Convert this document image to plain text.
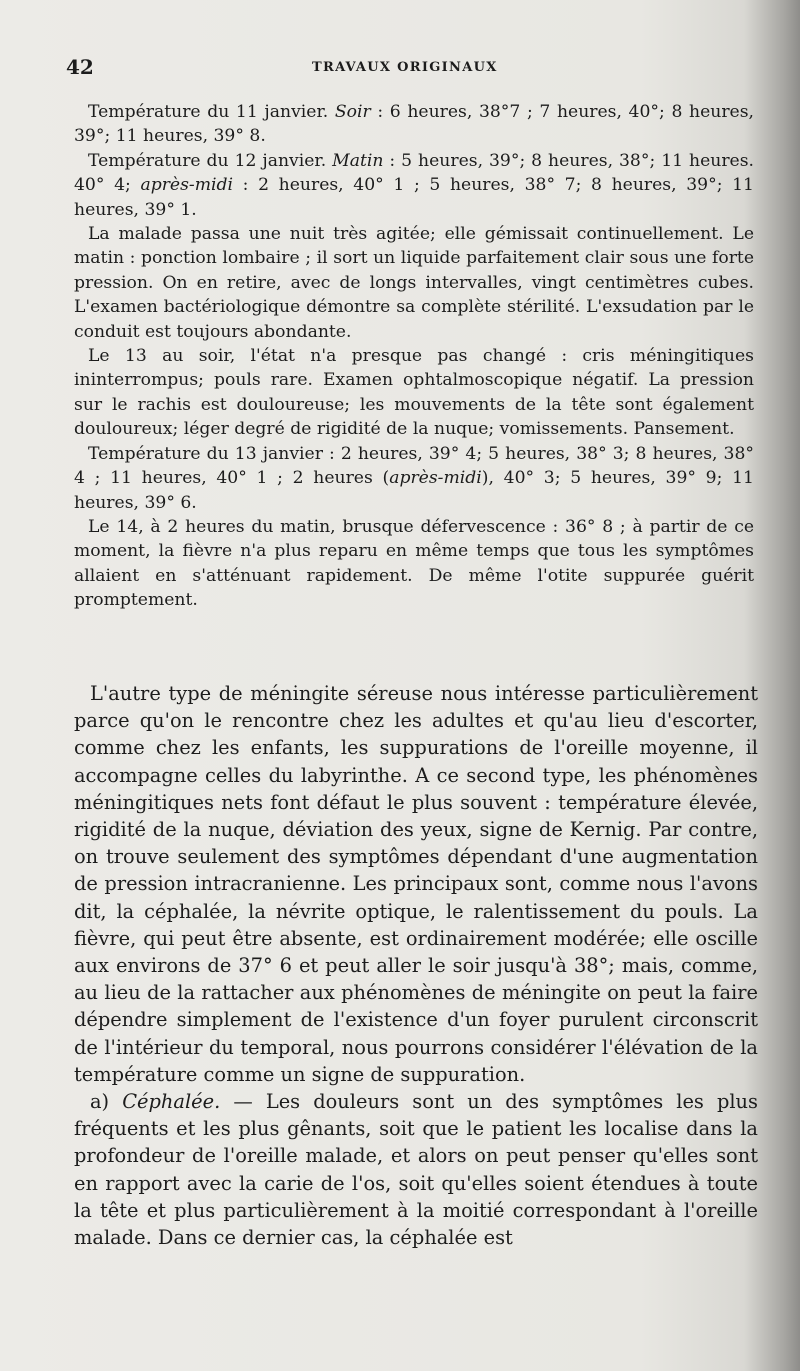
42	TRAVAUX ORIGINAUX

Température du 11 janvier. Soir : 6 heures, 38°7 ; 7 heures, 40°; 8 heures, 39°; 11 heures, 39° 8.

Température du 12 janvier. Matin : 5 heures, 39°; 8 heures, 38°; 11 heures. 40° 4; après-midi : 2 heures, 40° 1 ; 5 heures, 38° 7; 8 heures, 39°; 11 heures, 39° 1.

La malade passa une nuit très agitée; elle gémissait continuellement. Le matin : ponction lombaire ; il sort un liquide parfaitement clair sous une forte pression. On en retire, avec de longs intervalles, vingt centimètres cubes. L'examen bactériologique démontre sa complète stérilité. L'exsudation par le conduit est toujours abondante.

Le 13 au soir, l'état n'a presque pas changé : cris méningitiques ininterrompus; pouls rare. Examen ophtalmoscopique négatif. La pression sur le rachis est douloureuse; les mouvements de la tête sont également douloureux; léger degré de rigidité de la nuque; vomissements. Pansement.

Température du 13 janvier : 2 heures, 39° 4; 5 heures, 38° 3; 8 heures, 38° 4 ; 11 heures, 40° 1 ; 2 heures (après-midi), 40° 3; 5 heures, 39° 9; 11 heures, 39° 6.

Le 14, à 2 heures du matin, brusque défervescence : 36° 8 ; à partir de ce moment, la fièvre n'a plus reparu en même temps que tous les symptômes allaient en s'atténuant rapidement. De même l'otite suppurée guérit promptement.

L'autre type de méningite séreuse nous intéresse particulièrement parce qu'on le rencontre chez les adultes et qu'au lieu d'escorter, comme chez les enfants, les suppurations de l'oreille moyenne, il accompagne celles du labyrinthe. A ce second type, les phénomènes méningitiques nets font défaut le plus souvent : température élevée, rigidité de la nuque, déviation des yeux, signe de Kernig. Par contre, on trouve seulement des symptômes dépendant d'une augmentation de pression intracranienne. Les principaux sont, comme nous l'avons dit, la céphalée, la névrite optique, le ralentissement du pouls. La fièvre, qui peut être absente, est ordinairement modérée; elle oscille aux environs de 37° 6 et peut aller le soir jusqu'à 38°; mais, comme, au lieu de la rattacher aux phénomènes de méningite on peut la faire dépendre simplement de l'existence d'un foyer purulent circonscrit de l'intérieur du temporal, nous pourrons considérer l'élévation de la température comme un signe de suppuration.

a) Céphalée. — Les douleurs sont un des symptômes les plus fréquents et les plus gênants, soit que le patient les localise dans la profondeur de l'oreille malade, et alors on peut penser qu'elles sont en rapport avec la carie de l'os, soit qu'elles soient étendues à toute la tête et plus particulièrement à la moitié correspondant à l'oreille malade. Dans ce dernier cas, la céphalée est
